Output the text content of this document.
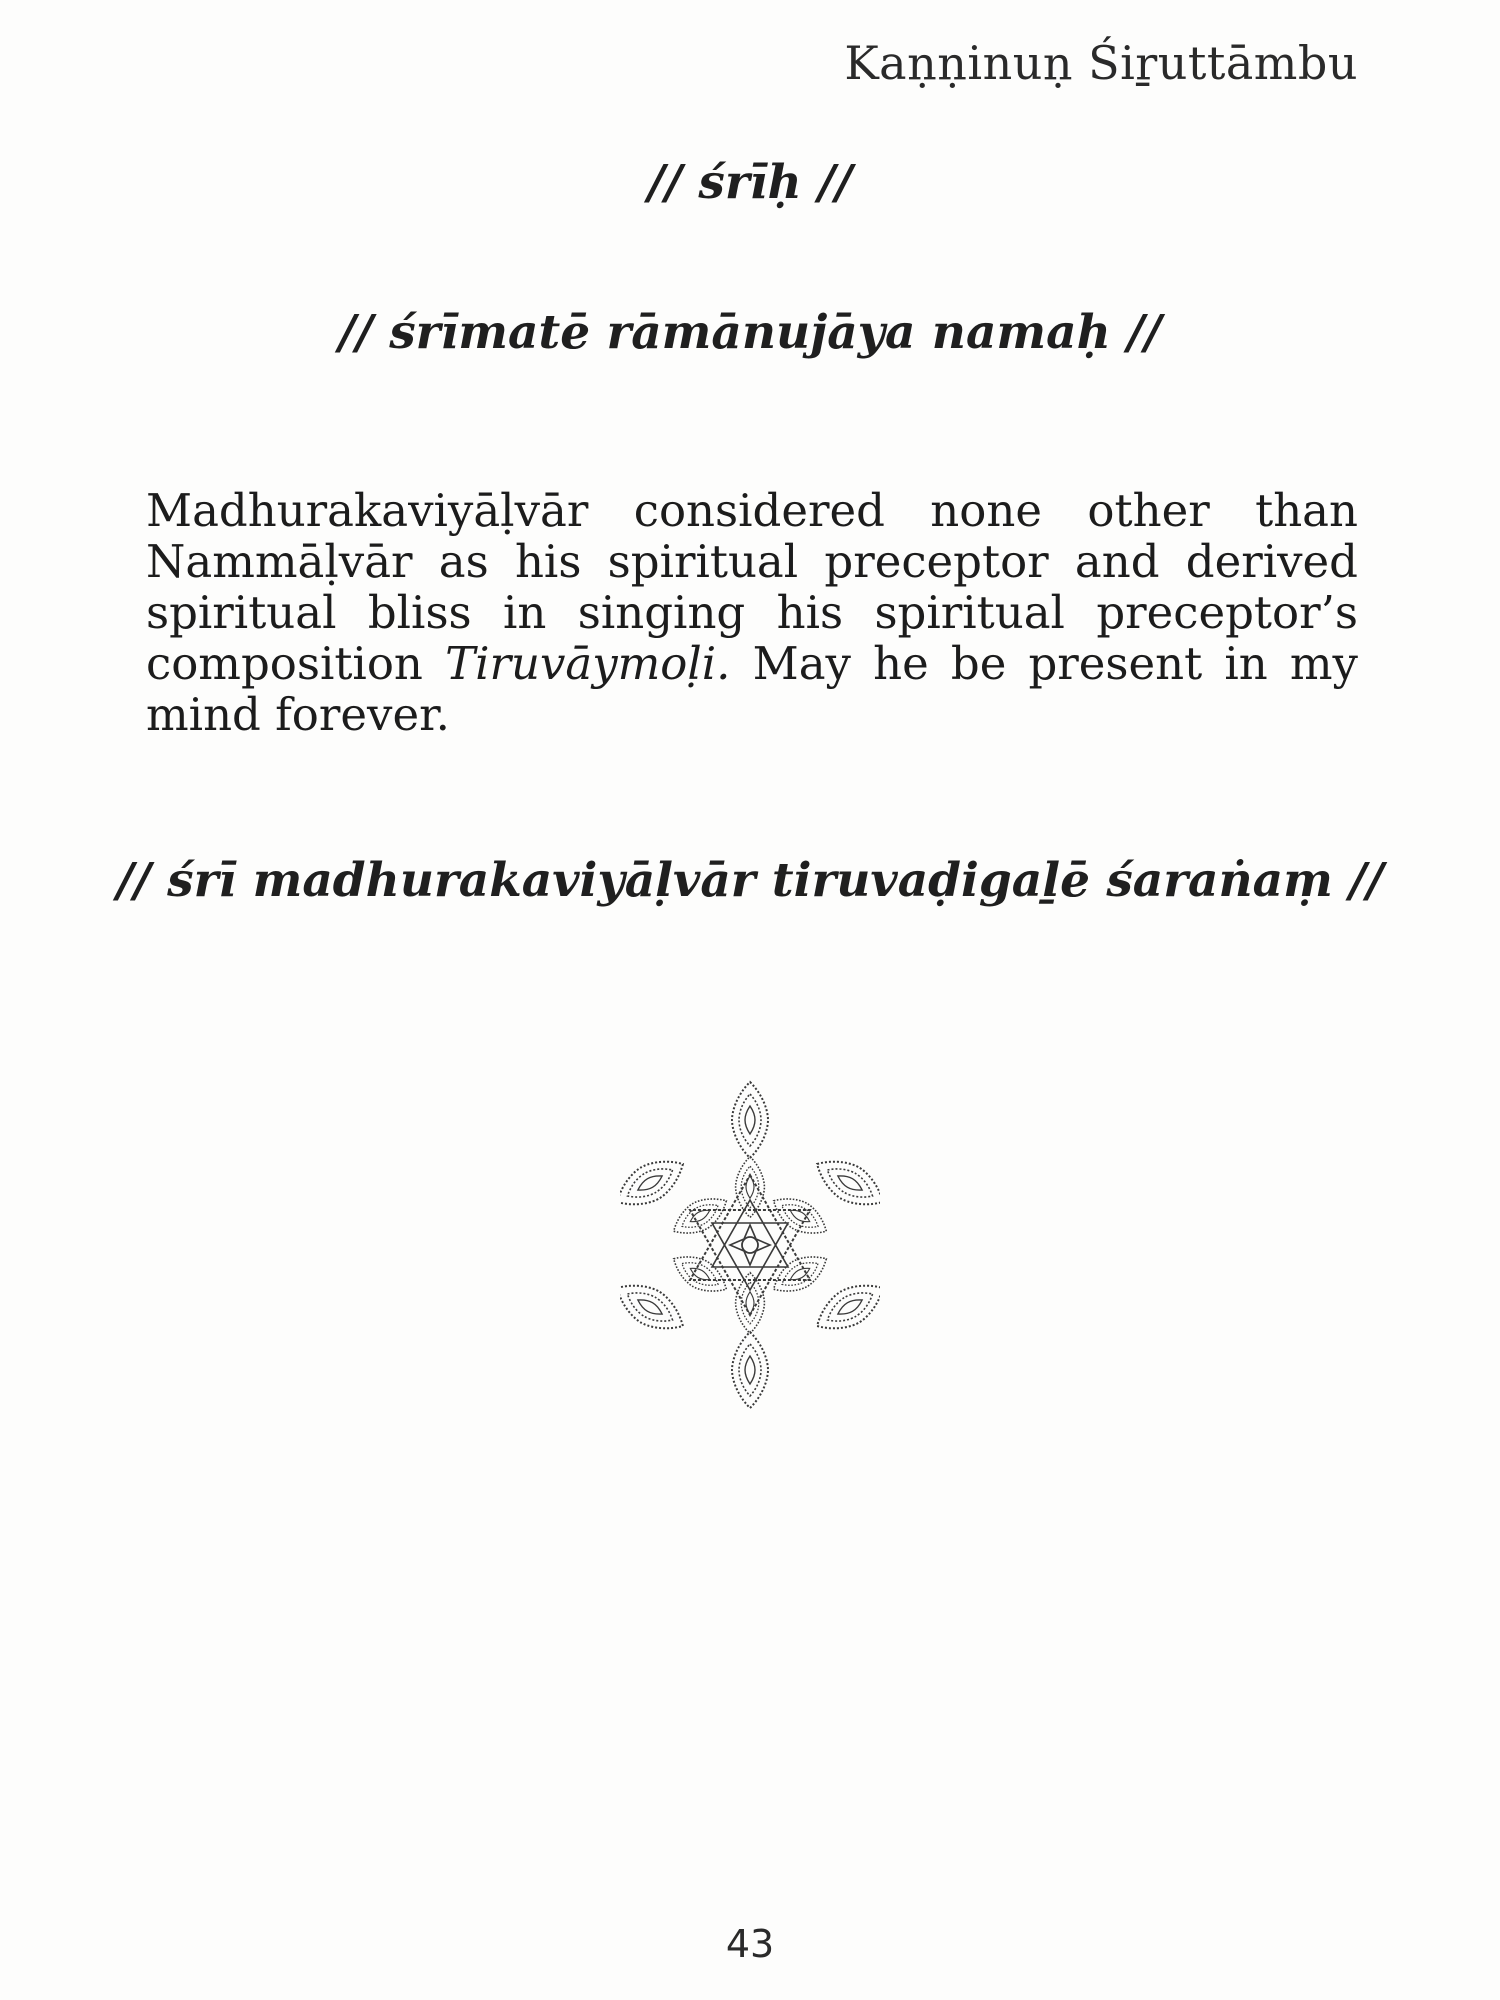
Kaṇṇinuṇ Śiṟuttāmbu
// śrīḥ //
// śrīmatē rāmānujāya namaḥ //

Madhurakaviyāḷvār considered none other than Nammāḷvār as his spiritual preceptor and derived spiritual bliss in singing his spiritual preceptor’s composition Tiruvāymoḷi. May he be present in my mind forever.

// śrī madhurakaviyāḷvār tiruvaḍigaḻē śaraṅaṃ //
43
